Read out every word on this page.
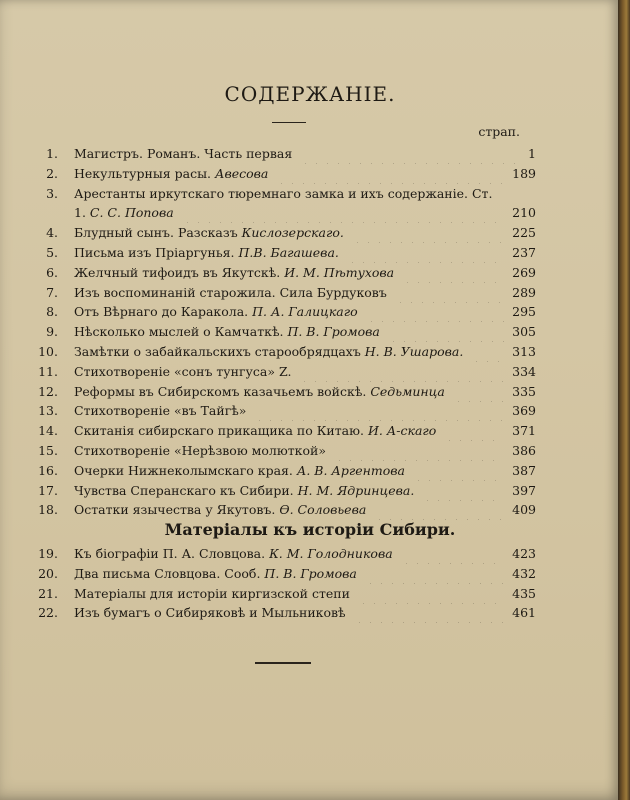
СОДЕРЖАНІЕ.
страп.
1. Магистръ. Романъ. Часть первая	1
2. Некультурныя расы. Авесова	189
3. Арестанты иркутскаго тюремнаго замка и ихъ содержаніе. Ст.
1. С. С. Попова	210
4. Блудный сынъ. Разсказъ Кислозерскаго.	225
5. Письма изъ Прiаргунья. П.В. Багашева.	237
6. Желчный тифоидъ въ Якутскѣ. И. М. Пѣтухова	269
7. Изъ воспоминаній старожила. Сила Бурдуковъ	289
8. Отъ Вѣрнаго до Каракола. П. А. Галицкаго	295
9. Нѣсколько мыслей о Камчаткѣ. П. В. Громова	305
10. Замѣтки о забайкальскихъ старообрядцахъ Н. В. Ушарова.	313
11. Стихотвореніе «сонъ тунгуса» Z.	334
12. Реформы въ Сибирскомъ казачьемъ войскѣ. Седьминца	335
13. Стихотвореніе «въ Тайгѣ»	369
14. Скитанія сибирскаго прикащика по Китаю. И. А-скаго	371
15. Стихотвореніе «Нерѣзвою молюткой»	386
16. Очерки Нижнеколымскаго края. А. В. Аргентова	387
17. Чувства Сперанскаго къ Сибири. Н. М. Ядринцева.	397
18. Остатки язычества у Якутовъ. Ѳ. Соловьева	409
Матеріалы къ исторіи Сибири.
19. Къ біографіи П. А. Словцова. К. М. Голодникова	423
20. Два письма Словцова. Сооб. П. В. Громова	432
21. Матеріалы для исторіи киргизской степи	435
22. Изъ бумагъ о Сибиряковѣ и Мыльниковѣ	461
